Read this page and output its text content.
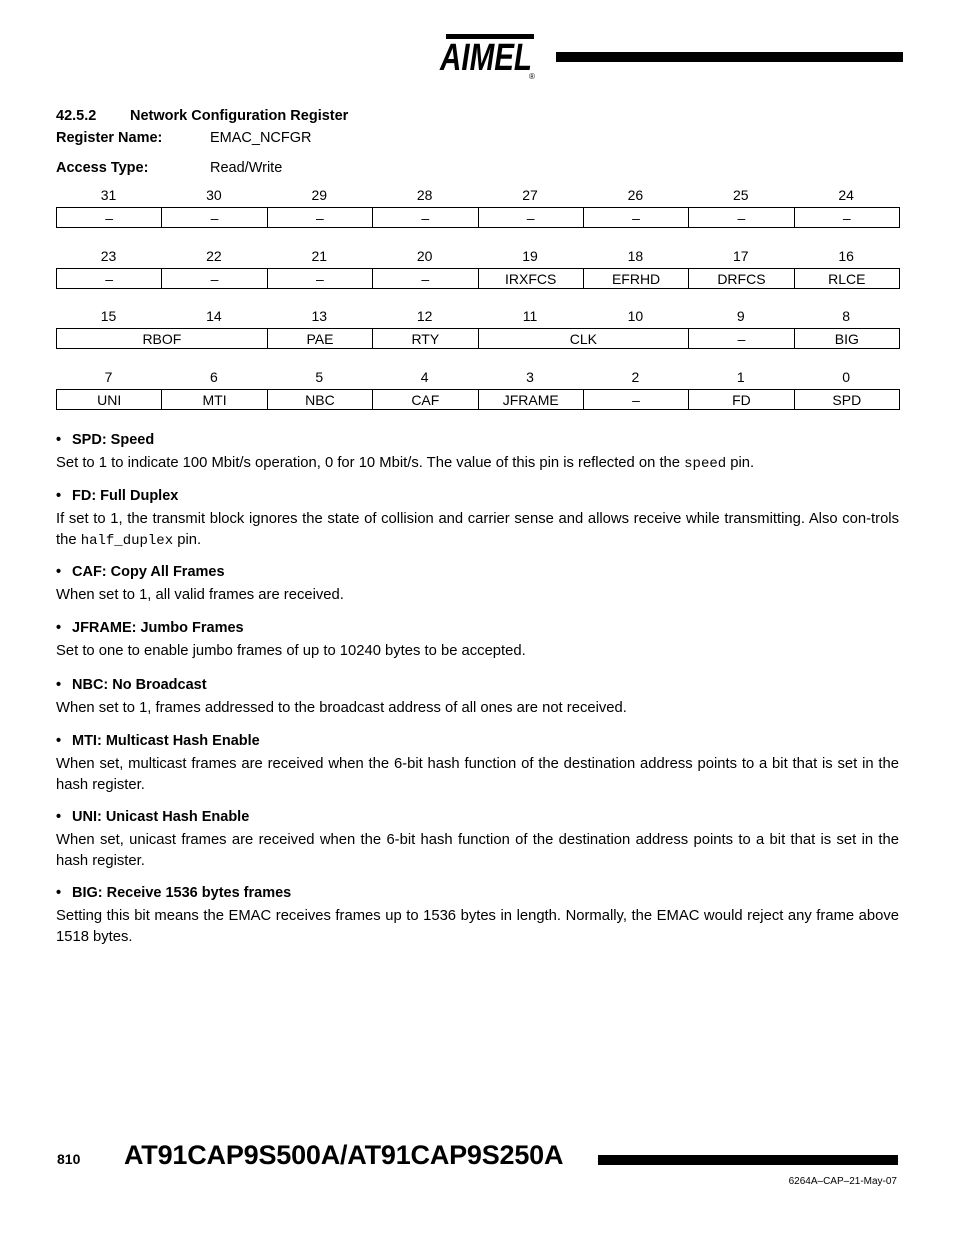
AIMEL
®
42.5.2 Network Configuration Register
Register Name:	EMAC_NCFGR
Access Type:	Read/Write
31	30	29	28	27	26	25	24
–	–	–	–	–	–	–	–
23	22	21	20	19	18	17	16
–	–	–	–	IRXFCS	EFRHD	DRFCS	RLCE
15	14	13	12	11	10	9	8
RBOF	PAE	RTY	CLK	–	BIG
7	6	5	4	3	2	1	0
UNI	MTI	NBC	CAF	JFRAME	–	FD	SPD
• SPD: Speed

Set to 1 to indicate 100 Mbit/s operation, 0 for 10 Mbit/s. The value of this pin is reflected on the speed pin.

• FD: Full Duplex

If set to 1, the transmit block ignores the state of collision and carrier sense and allows receive while transmitting. Also con-trols the half_duplex pin.

• CAF: Copy All Frames

When set to 1, all valid frames are received.

• JFRAME: Jumbo Frames

Set to one to enable jumbo frames of up to 10240 bytes to be accepted.

• NBC: No Broadcast

When set to 1, frames addressed to the broadcast address of all ones are not received.

• MTI: Multicast Hash Enable

When set, multicast frames are received when the 6-bit hash function of the destination address points to a bit that is set in the hash register.

• UNI: Unicast Hash Enable

When set, unicast frames are received when the 6-bit hash function of the destination address points to a bit that is set in the hash register.

• BIG: Receive 1536 bytes frames

Setting this bit means the EMAC receives frames up to 1536 bytes in length. Normally, the EMAC would reject any frame above 1518 bytes.

810 AT91CAP9S500A/AT91CAP9S250A
6264A–CAP–21-May-07
